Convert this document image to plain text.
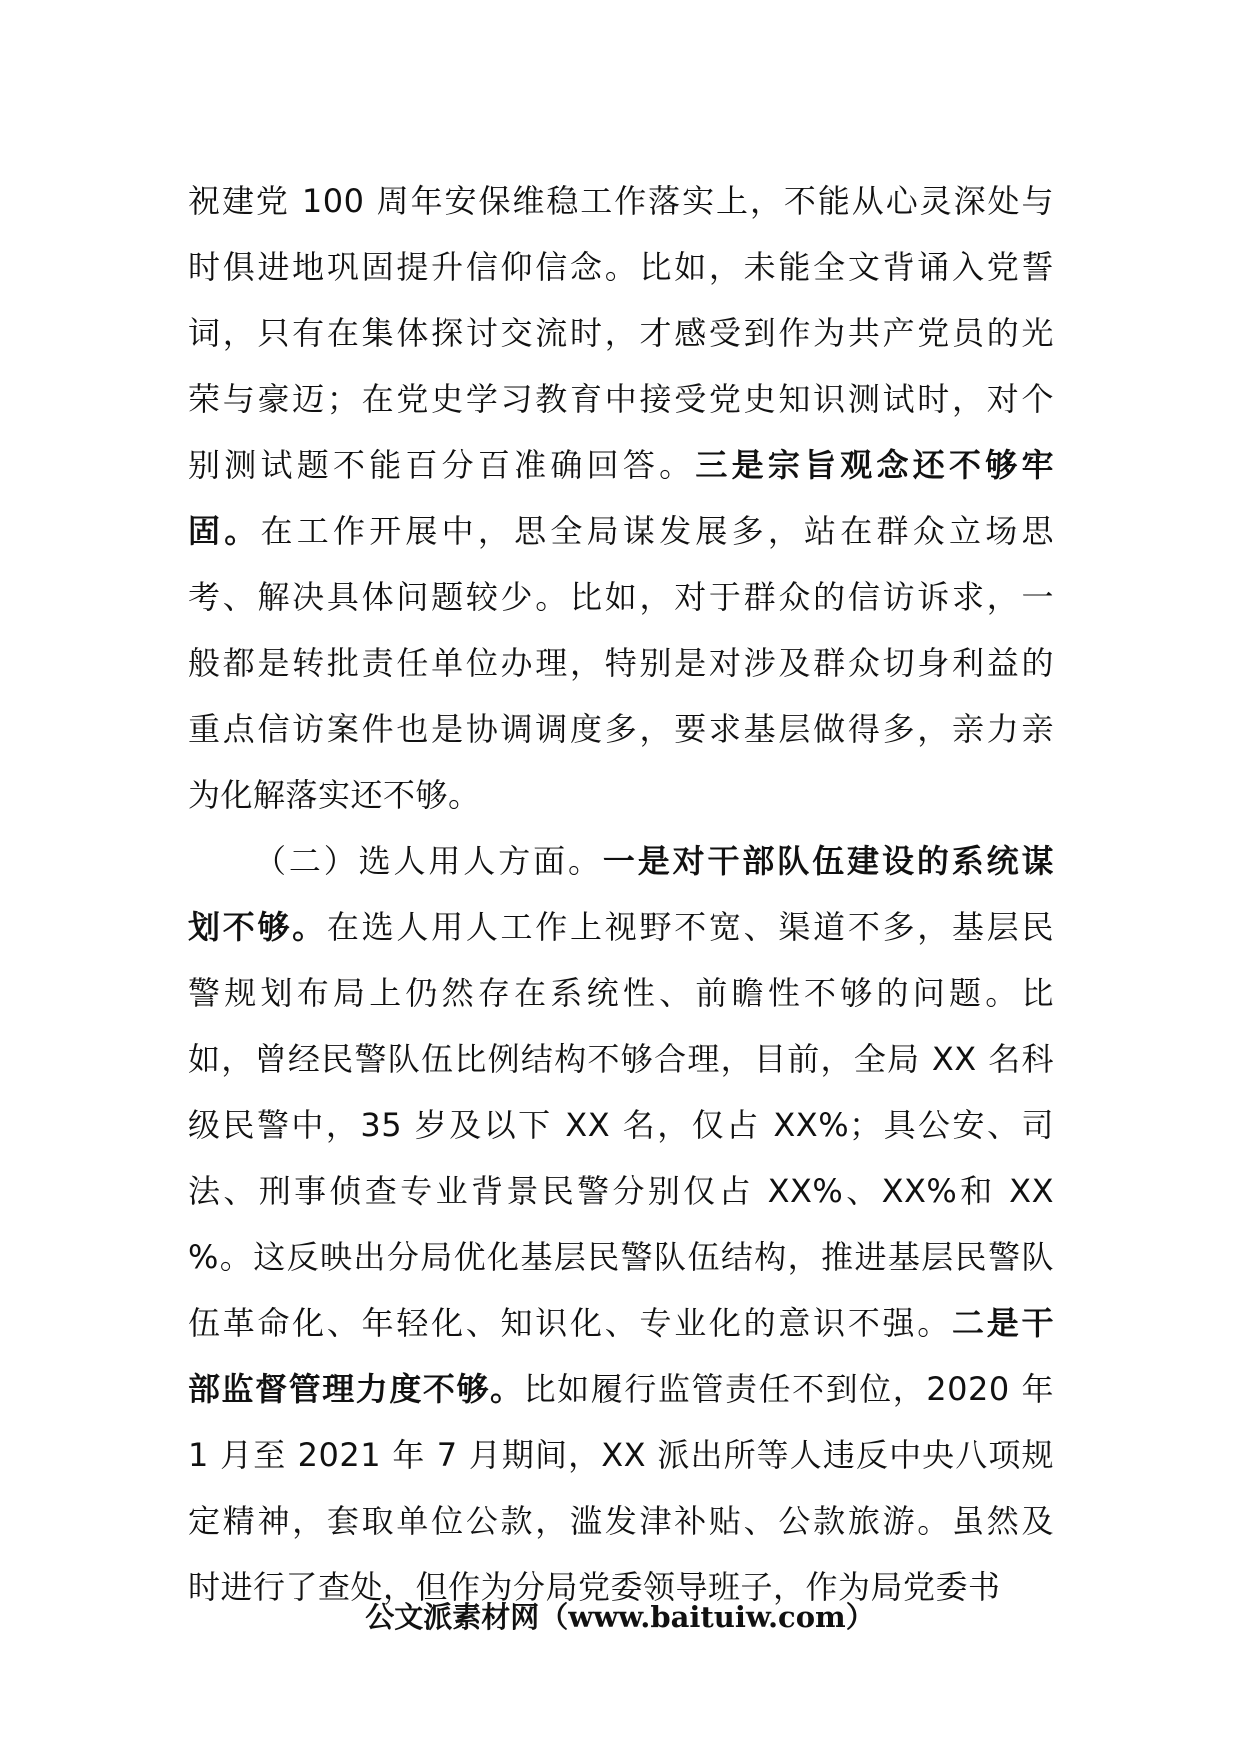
祝建党 100 周年安保维稳工作落实上，不能从心灵深处与
时俱进地巩固提升信仰信念。比如，未能全文背诵入党誓
词，只有在集体探讨交流时，才感受到作为共产党员的光
荣与豪迈；在党史学习教育中接受党史知识测试时，对个
别测试题不能百分百准确回答。三是宗旨观念还不够牢
固。在工作开展中，思全局谋发展多，站在群众立场思
考、解决具体问题较少。比如，对于群众的信访诉求，一
般都是转批责任单位办理，特别是对涉及群众切身利益的
重点信访案件也是协调调度多，要求基层做得多，亲力亲
为化解落实还不够。
（二）选人用人方面。一是对干部队伍建设的系统谋
划不够。在选人用人工作上视野不宽、渠道不多，基层民
警规划布局上仍然存在系统性、前瞻性不够的问题。比
如，曾经民警队伍比例结构不够合理，目前，全局 XX 名科
级民警中，35 岁及以下 XX 名，仅占 XX%；具公安、司
法、刑事侦查专业背景民警分别仅占 XX%、XX%和 XX
%。这反映出分局优化基层民警队伍结构，推进基层民警队
伍革命化、年轻化、知识化、专业化的意识不强。二是干
部监督管理力度不够。比如履行监管责任不到位，2020 年
1 月至 2021 年 7 月期间，XX 派出所等人违反中央八项规
定精神，套取单位公款，滥发津补贴、公款旅游。虽然及
时进行了查处，但作为分局党委领导班子，作为局党委书
公文派素材网（www.baituiw.com）
